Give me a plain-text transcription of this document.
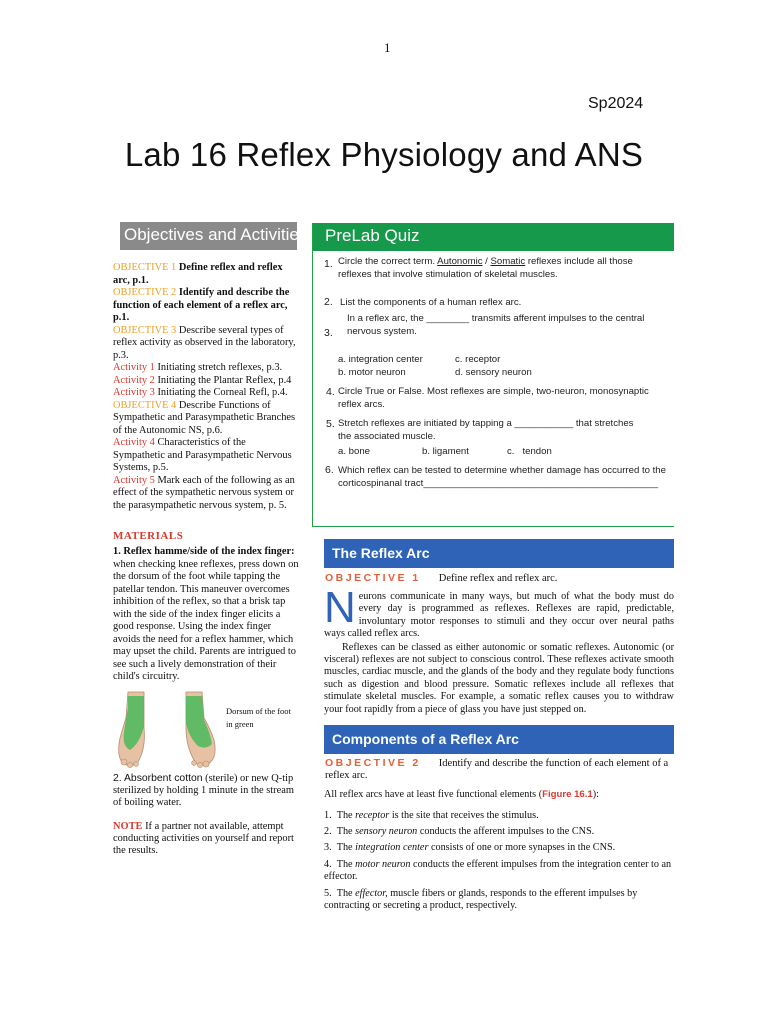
1
Sp2024
Lab 16 Reflex Physiology and ANS
Objectives and Activities
OBJECTIVE 1 Define reflex and reflex arc, p.1.
OBJECTIVE 2 Identify and describe the function of each element of a reflex arc, p.1.
OBJECTIVE 3 Describe several types of reflex activity as observed in the laboratory, p.3.
Activity 1 Initiating stretch reflexes, p.3.
Activity 2 Initiating the Plantar Reflex, p.4
Activity 3 Initiating the Corneal Refl, p.4.
OBJECTIVE 4 Describe Functions of Sympathetic and Parasympathetic Branches of the Autonomic NS, p.6.
Activity 4 Characteristics of the Sympathetic and Parasympathetic Nervous Systems, p.5.
Activity 5 Mark each of the following as an effect of the sympathetic nervous system or the parasympathetic nervous system, p. 5.
MATERIALS
1. Reflex hamme/side of the index finger: when checking knee reflexes, press down on the dorsum of the foot while tapping the patellar tendon. This maneuver overcomes inhibition of the reflex, so that a brisk tap with the side of the index finger elicits a good response. Using the index finger avoids the need for a reflex hammer, which may upset the child. Parents are intrigued to see such a lively demonstration of their child's circuitry.
Dorsum of the foot in green
2. Absorbent cotton (sterile) or new Q-tip sterilized by holding 1 minute in the stream of boiling water.
NOTE If a partner not available, attempt conducting activities on yourself and report the results.
PreLab Quiz
1. Circle the correct term. Autonomic / Somatic reflexes include all those
reflexes that involve stimulation of skeletal muscles.
2. List the components of a human reflex arc.
In a reflex arc, the ________ transmits afferent impulses to the central
nervous system.
3.
a. integration center	c. receptor
b. motor neuron	d. sensory neuron
4. Circle True or False. Most reflexes are simple, two-neuron, monosynaptic
reflex arcs.
5. Stretch reflexes are initiated by tapping a ___________ that stretches
the associated muscle.
a. bone	b. ligament	c. tendon
6. Which reflex can be tested to determine whether damage has occurred to the
corticospinanal tract____________________________________________
The Reflex Arc
OBJECTIVE 1 Define reflex and reflex arc.
Neurons communicate in many ways, but much of what the body must do every day is programmed as reflexes. Reflexes are rapid, predictable, involuntary motor responses to stimuli and they occur over neural paths ways called reflex arcs.
Reflexes can be classed as either autonomic or somatic reflexes. Autonomic (or visceral) reflexes are not subject to conscious control. These reflexes activate smooth muscles, cardiac muscle, and the glands of the body and they regulate body functions such as digestion and blood pressure. Somatic reflexes include all reflexes that stimulate skeletal muscles. For example, a somatic reflex causes you to withdraw your foot rapidly from a piece of glass you have just stepped on.
Components of a Reflex Arc
OBJECTIVE 2 Identify and describe the function of each element of a reflex arc.
All reflex arcs have at least five functional elements (Figure 16.1):
1. The receptor is the site that receives the stimulus.
2. The sensory neuron conducts the afferent impulses to the CNS.
3. The integration center consists of one or more synapses in the CNS.
4. The motor neuron conducts the efferent impulses from the integration center to an effector.
5. The effector, muscle fibers or glands, responds to the efferent impulses by contracting or secreting a product, respectively.
